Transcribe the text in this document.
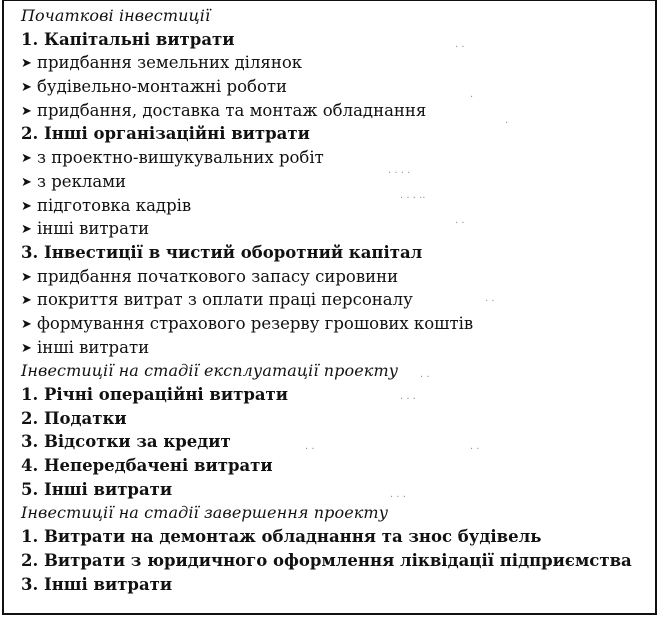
Початкові інвестиції
1. Капітальні витрати
➤ придбання земельних ділянок
➤ будівельно-монтажні роботи
➤ придбання, доставка та монтаж обладнання
2. Інші організаційні витрати
➤ з проектно-вишукувальних робіт
➤ з реклами
➤ підготовка кадрів
➤ інші витрати
3. Інвестиції в чистий оборотний капітал
➤ придбання початкового запасу сировини
➤ покриття витрат з оплати праці персоналу
➤ формування страхового резерву грошових коштів
➤ інші витрати
Інвестиції на стадії експлуатації проекту
1. Річні операційні витрати
2. Податки
3. Відсотки за кредит
4. Непередбачені витрати
5. Інші витрати
Інвестиції на стадії завершення проекту
1. Витрати на демонтаж обладнання та знос будівель
2. Витрати з юридичного оформлення ліквідації підприємства
3. Інші витрати
· ·
·
·
· · · ·
· · · ··
· ·
· ·
· ·
· · ·
· ·	· ·
· · ·
